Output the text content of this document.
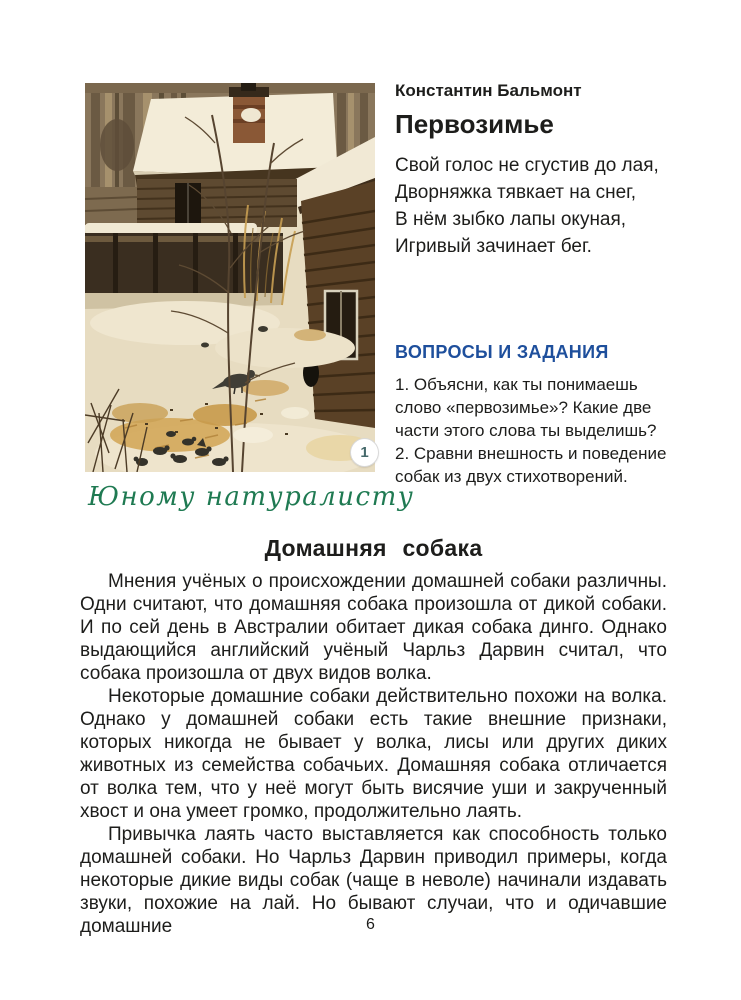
1
Константин Бальмонт
Первозимье
Свой голос не сгустив до лая,
Дворняжка тявкает на снег,
В нём зыбко лапы окуная,
Игривый зачинает бег.
ВОПРОСЫ И ЗАДАНИЯ

1. Объясни, как ты понимаешь слово «первозимье»? Какие две части этого слова ты выделишь?

2. Сравни внешность и поведение собак из двух стихотворений.

Юному натуралисту
Домашняя собака

Мнения учёных о происхождении домашней собаки различны. Одни считают, что домашняя собака произошла от дикой собаки. И по сей день в Австралии обитает дикая собака динго. Однако выдающийся английский учёный Чарльз Дарвин считал, что собака произошла от двух видов волка.

Некоторые домашние собаки действительно похожи на волка. Однако у домашней собаки есть такие внешние признаки, которых никогда не бывает у волка, лисы или других диких животных из семейства собачьих. Домашняя собака отличается от волка тем, что у неё могут быть висячие уши и закрученный хвост и она умеет громко, продолжительно лаять.

Привычка лаять часто выставляется как способность только домашней собаки. Но Чарльз Дарвин приводил примеры, когда некоторые дикие виды собак (чаще в неволе) начинали издавать звуки, похожие на лай. Но бывают случаи, что и одичавшие домашние	6
